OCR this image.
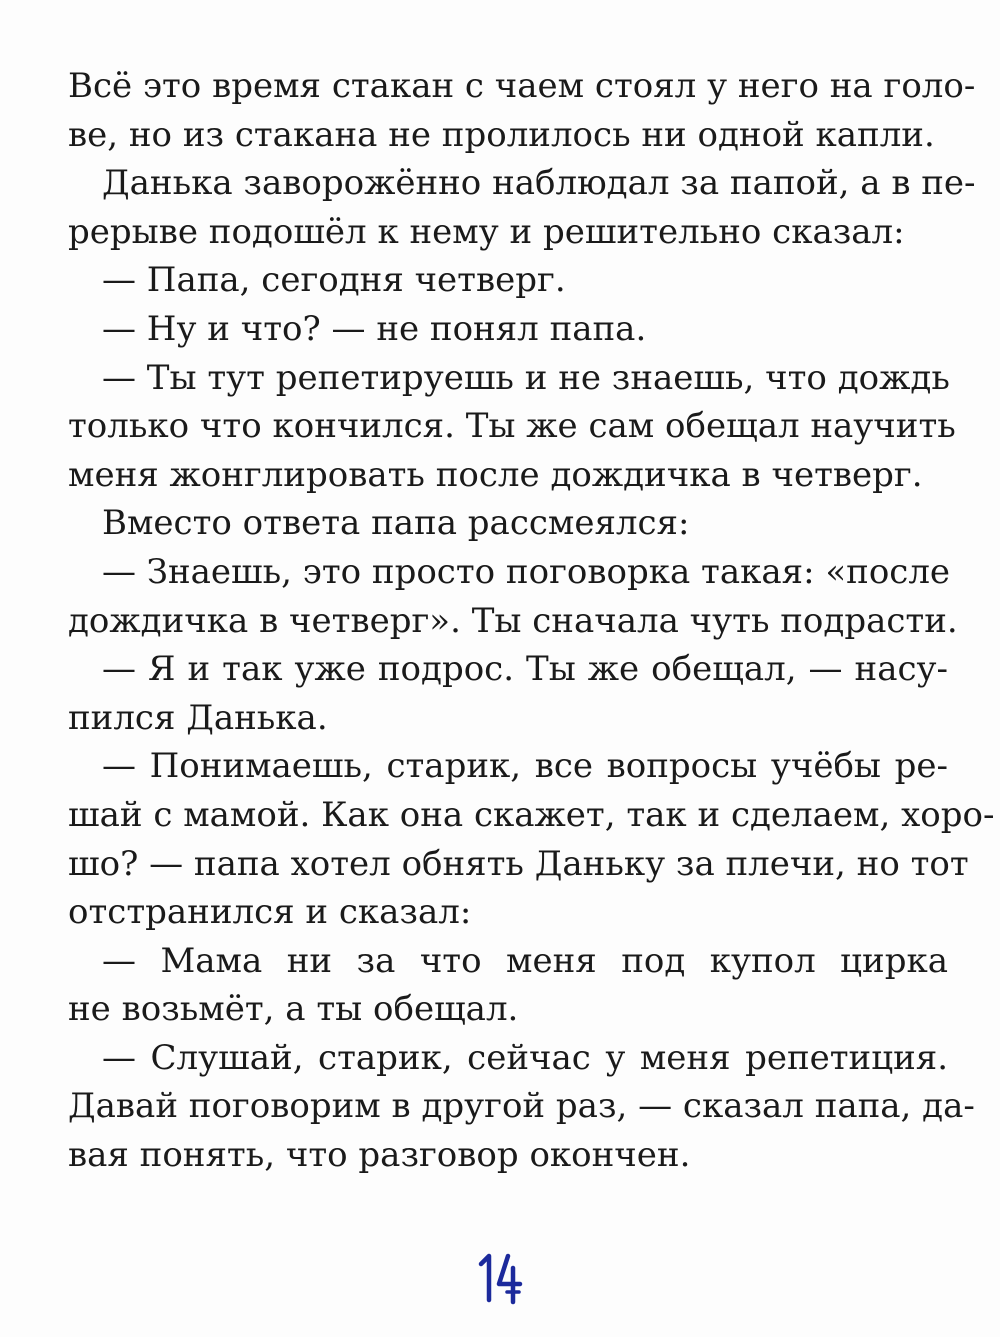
Всё это время стакан с чаем стоял у него на голо-
ве, но из стакана не пролилось ни одной капли.
Данька заворожённо наблюдал за папой, а в пе-
рерыве подошёл к нему и решительно сказал:
— Папа, сегодня четверг.
— Ну и что? — не понял папа.
— Ты тут репетируешь и не знаешь, что дождь
только что кончился. Ты же сам обещал научить
меня жонглировать после дождичка в четверг.
Вместо ответа папа рассмеялся:
— Знаешь, это просто поговорка такая: «после
дождичка в четверг». Ты сначала чуть подрасти.
— Я и так уже подрос. Ты же обещал, — насу-
пился Данька.
— Понимаешь, старик, все вопросы учёбы ре-
шай с мамой. Как она скажет, так и сделаем, хоро-
шо? — папа хотел обнять Даньку за плечи, но тот
отстранился и сказал:
— Мама ни за что меня под купол цирка
не возьмёт, а ты обещал.
— Слушай, старик, сейчас у меня репетиция.
Давай поговорим в другой раз, — сказал папа, да-
вая понять, что разговор окончен.
